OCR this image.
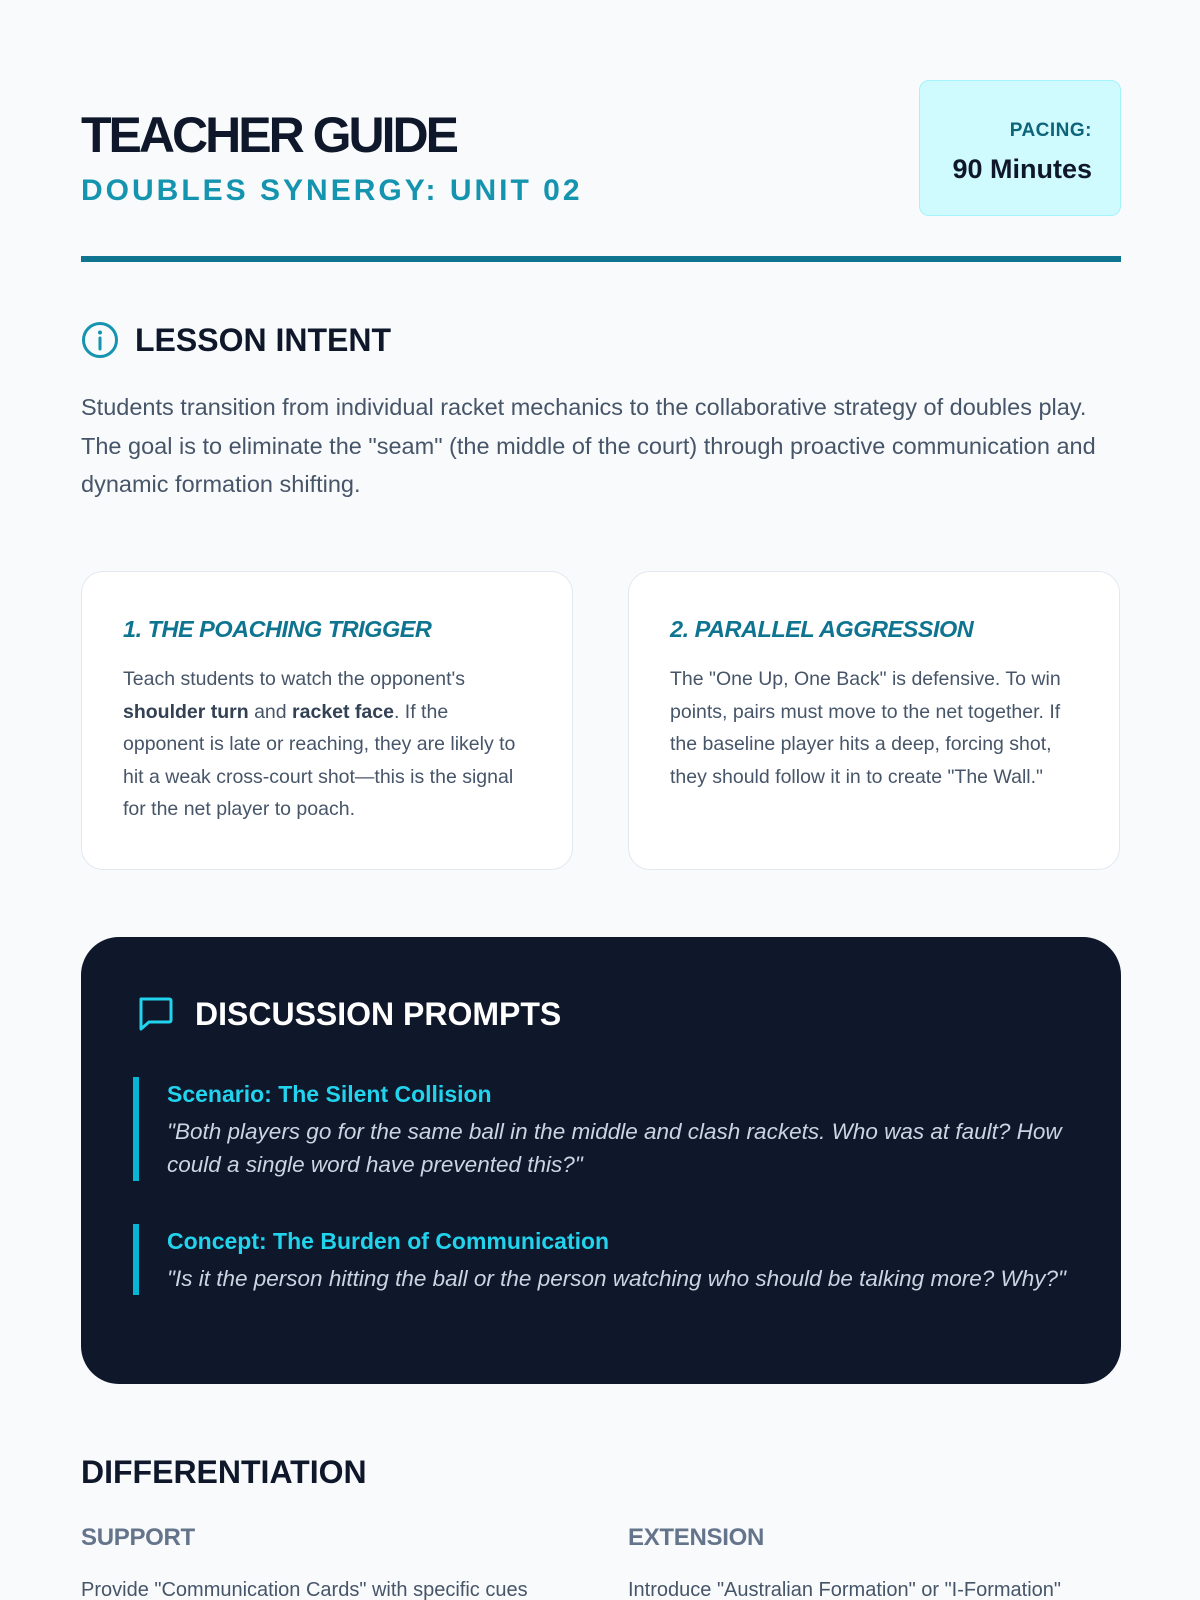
TEACHER GUIDE
DOUBLES SYNERGY: UNIT 02
PACING:
90 Minutes
LESSON INTENT

Students transition from individual racket mechanics to the collaborative strategy of doubles play. The goal is to eliminate the "seam" (the middle of the court) through proactive communication and dynamic formation shifting.

1. THE POACHING TRIGGER

Teach students to watch the opponent's shoulder turn and racket face. If the opponent is late or reaching, they are likely to hit a weak cross-court shot—this is the signal for the net player to poach.

2. PARALLEL AGGRESSION

The "One Up, One Back" is defensive. To win points, pairs must move to the net together. If the baseline player hits a deep, forcing shot, they should follow it in to create "The Wall."

DISCUSSION PROMPTS
Scenario: The Silent Collision
"Both players go for the same ball in the middle and clash rackets. Who was at fault? How could a single word have prevented this?"
Concept: The Burden of Communication
"Is it the person hitting the ball or the person watching who should be talking more? Why?"
DIFFERENTIATION
SUPPORT
Provide "Communication Cards" with specific cues
EXTENSION
Introduce "Australian Formation" or "I-Formation"
